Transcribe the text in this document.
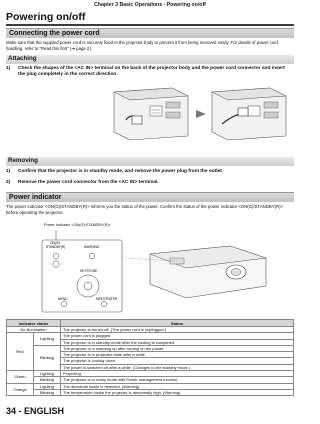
Chapter 3 Basic Operations - Powering on/off
Powering on/off
Connecting the power cord
Make sure that the supplied power cord is securely fixed to the projector body to prevent it from being removed easily. For details of power cord handling, refer to "Read this first" (➜ page 2).
Attaching
1) Check the shapes of the <AC IN> terminal on the back of the projector body and the power cord connector and insert the plug completely in the correct direction.
Removing
1) Confirm that the projector is in standby mode, and remove the power plug from the outlet.
2) Remove the power cord connector from the <AC IN> terminal.
Power indicator
The power indicator <ON(G)/STANDBY(R)> informs you the status of the power. Confirm the status of the power indicator <ON(G)/STANDBY(R)> before operating the projector.
Power indicator <ON(G)/STANDBY(R)>
ON(G)/
STANDBY(R)	WARNING
KEYSTONE
MENU	INPUT/ENTER
Indicator status		Status
No illumination		The projector is turned off. (The power cord is unplugged.)
Red	Lighting	The power cord is plugged.
		The projector is in standby mode after the cooling is completed.
	Blinking	The projector is in warming up after turning on the power.
		The projector is in projected state after a while.
		The projector is cooling down.
		The power is switched off after a while. (Changes to the standby mode.)
Green	Lighting	Projecting.
	Blinking	The projector is in ready mode with Power management function.
Orange	Lighting	The abnormal inside is detected. (Warning)
	Blinking	The temperature inside the projector is abnormally high. (Warning)
34 - ENGLISH
